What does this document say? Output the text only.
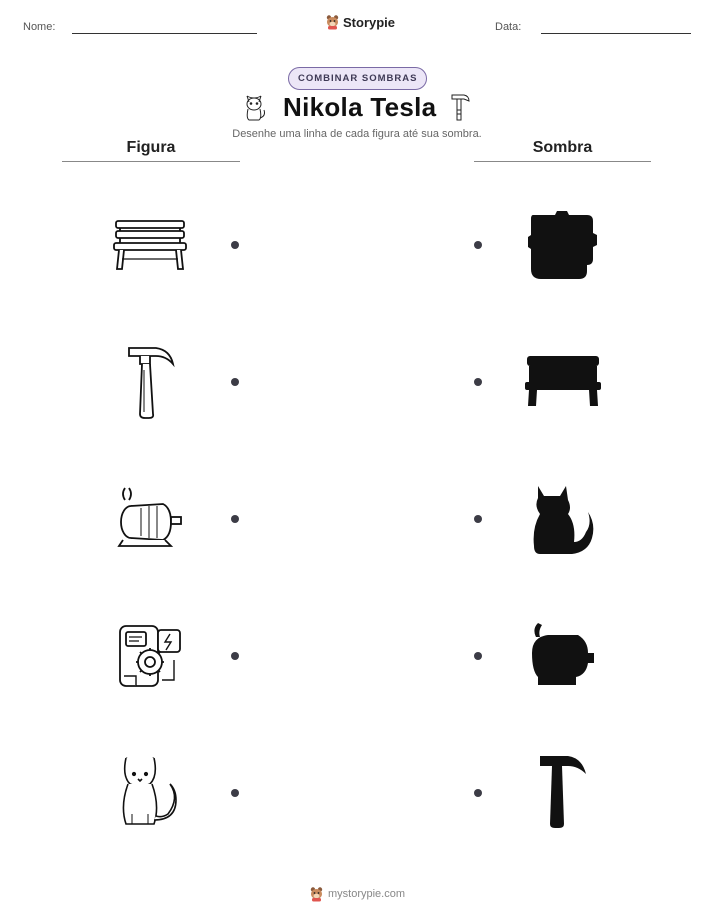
Nome:	Storypie	Data:
COMBINAR SOMBRAS
Nikola Tesla
Desenhe uma linha de cada figura até sua sombra.
Figura	Sombra
mystorypie.com
